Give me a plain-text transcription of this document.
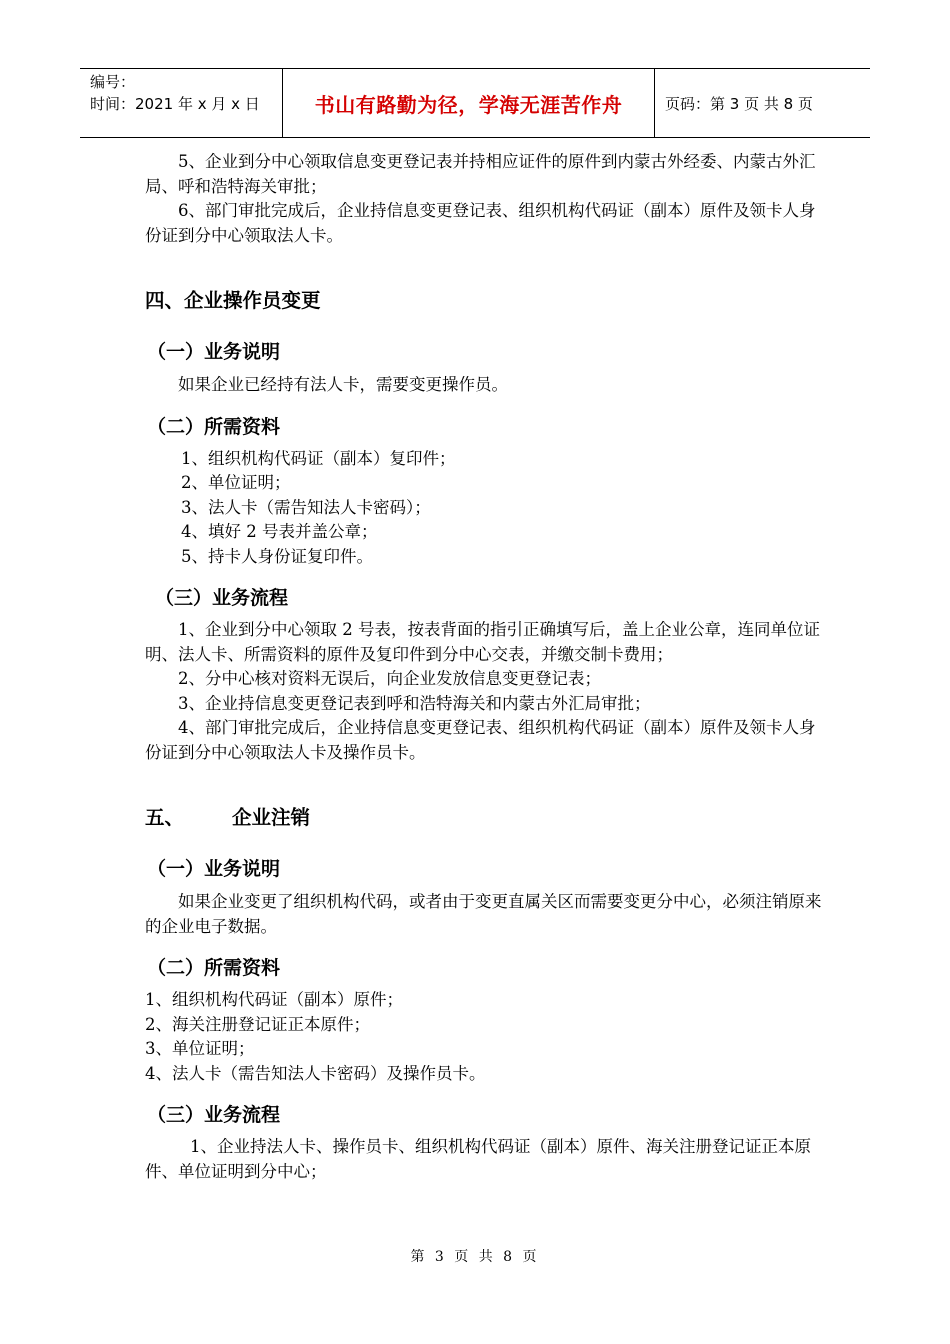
编号：
时间：2021 年 x 月 x 日	书山有路勤为径，学海无涯苦作舟	页码：第 3 页 共 8 页

5、企业到分中心领取信息变更登记表并持相应证件的原件到内蒙古外经委、内蒙古外汇局、呼和浩特海关审批；

6、部门审批完成后，企业持信息变更登记表、组织机构代码证（副本）原件及领卡人身份证到分中心领取法人卡。

四、企业操作员变更
（一）业务说明

如果企业已经持有法人卡，需要变更操作员。

（二）所需资料

1、组织机构代码证（副本）复印件；

2、单位证明；

3、法人卡（需告知法人卡密码）；

4、填好 2 号表并盖公章；

5、持卡人身份证复印件。

（三）业务流程

1、企业到分中心领取 2 号表，按表背面的指引正确填写后，盖上企业公章，连同单位证明、法人卡、所需资料的原件及复印件到分中心交表，并缴交制卡费用；

2、分中心核对资料无误后，向企业发放信息变更登记表；

3、企业持信息变更登记表到呼和浩特海关和内蒙古外汇局审批；

4、部门审批完成后，企业持信息变更登记表、组织机构代码证（副本）原件及领卡人身份证到分中心领取法人卡及操作员卡。

五、 企业注销
（一）业务说明

如果企业变更了组织机构代码，或者由于变更直属关区而需要变更分中心，必须注销原来的企业电子数据。

（二）所需资料

1、组织机构代码证（副本）原件；

2、海关注册登记证正本原件；

3、单位证明；

4、法人卡（需告知法人卡密码）及操作员卡。

（三）业务流程

1、企业持法人卡、操作员卡、组织机构代码证（副本）原件、海关注册登记证正本原件、单位证明到分中心；

第 3 页 共 8 页
